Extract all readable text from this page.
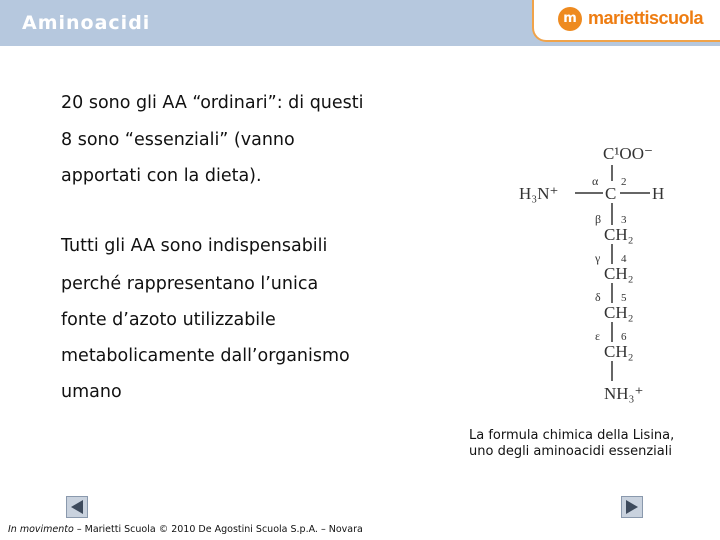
Aminoacidi	m mariettiscuola
20 sono gli AA “ordinari”: di questi
8 sono “essenziali” (vanno
apportati con la dieta).
Tutti gli AA sono indispensabili
perché rappresentano l’unica
fonte d’azoto utilizzabile
metabolicamente dall’organismo
umano
C¹OO⁻
α 2
H₃N⁺	C H
β 3
CH₂
γ 4
CH₂
δ 5
CH₂
ε 6
CH₂
NH₃⁺
La formula chimica della Lisina,
uno degli aminoacidi essenziali
In movimento – Marietti Scuola © 2010 De Agostini Scuola S.p.A. – Novara
